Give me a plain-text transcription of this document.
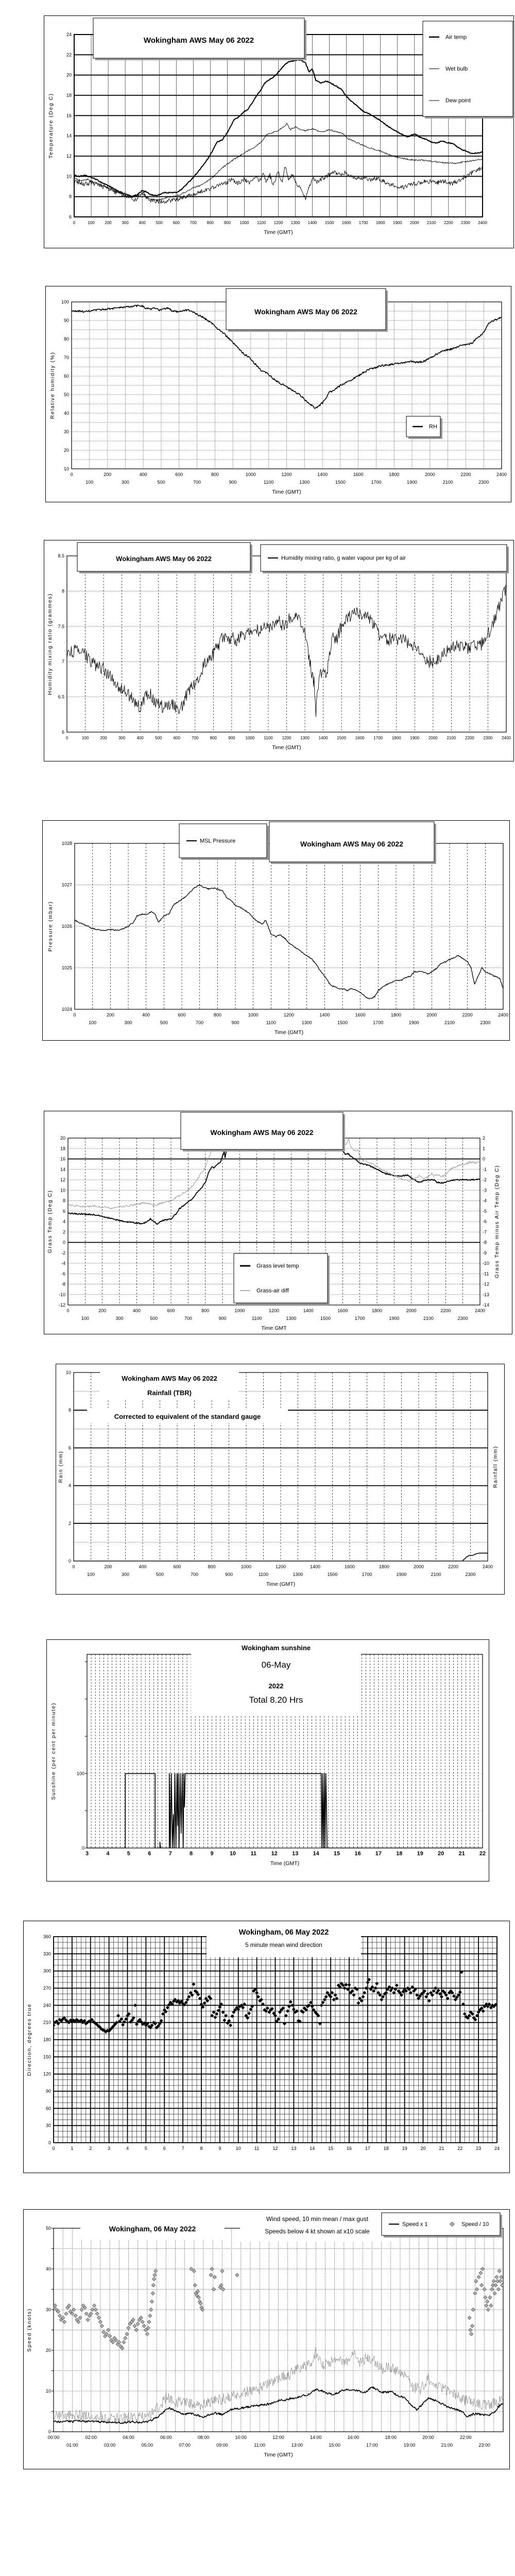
6
8
10
12
14
16
18
20
22
24
0	100 200 300 400 500 600 700 800 900 1000 1100 1200 1300 1400 1500 1600 1700 1800 1900 2000 2100 2200 2300 2400
Time (GMT)
Temperature (Deg C)
Wokingham AWS May 06 2022	Air temp
Wet bulb
Dew point
10
20
30
40
50
60
70
80
90
100
0	200	400	600	800	1000	1200	1400	1600	1800	2000	2200	2400
100	300	500	700	900	1100	1300	1500	1700	1900	2100	2300
Time (GMT)
Relative humidity (%)
Wokingham AWS May 06 2022
RH
6
6.5
7
7.5
8
8.5
0	100	200	300	400	500	600	700	800	900 1000 1100 1200 1300 1400 1500 1600 1700 1800 1900 2000 2100 2200 2300 2400
Time (GMT)
Humidity mixing ratio (grammes)
Wokingham AWS May 06 2022	Humidity mixing ratio, g water vapour per kg of air
1024
1025
1026
1027
1028
0	200	400	600	800	1000	1200	1400	1600	1800	2000	2200	2400
100	300	500	700	900	1100	1300	1500	1700	1900	2100	2300
Time (GMT)
Pressure (mbar)
MSL Pressure	Wokingham AWS May 06 2022
-12
-10
-8
-6
-4
-2
0
2
4
6
8
10
12
14
16
18
20
-14
-13
-12
-11
-10
-9
-8
-7
-6
-5
-4
-3
-2
-1
0
1
2
0	200	400	600	800	1000	1200	1400	1600	1800	2000	2200	2400
100	300	500	700	900	1100	1300	1500	1700	1900	2100	2300
Time GMT
Grass Temp (Deg C)	Grass Temp minus Air Temp (Deg C)
Wokingham AWS May 06 2022
Grass level temp
Grass-air diff
0
2
4
6
8
10
0	200	400	600	800	1000	1200	1400	1600	1800	2000	2200	2400
100	300	500	700	900	1100	1300	1500	1700	1900	2100	2300
Time (GMT)
Rain (mm)	Rainfall (mm)
Wokingham AWS May 06 2022
Rainfall (TBR)
Corrected to equivalent of the standard gauge
0
100
3	4	5	6	7	8	9	10	11	12	13	14	15	16	17	18	19	20	21	22
Time (GMT)
Sunshine (per cent per minute)
Wokingham sunshine
06-May
2022
Total 8.20 Hrs
0
30
60
90
120
150
180
210
240
270
300
330
360
0	1	2	3	4	5	6	7	8	9	10	11	12	13	14	15	16	17	18	19	20	21	22	23	24
Direction, degrees true
Wokingham, 06 May 2022
5 minute mean wind direction
0
10
20
30
40
50
00:00	02:00	04:00	06:00	08:00	10:00	12:00	14:00	16:00	18:00	20:00	22:00
01:00	03:00	05:00	07:00	09:00	11:00	13:00	15:00	17:00	19:00	21:00	23:00
Time (GMT)
Speed (knots)
Wokingham, 06 May 2022
Wind speed, 10 min mean / max gust
Speeds below 4 kt shown at x10 scale
Speed x 1	Speed / 10
